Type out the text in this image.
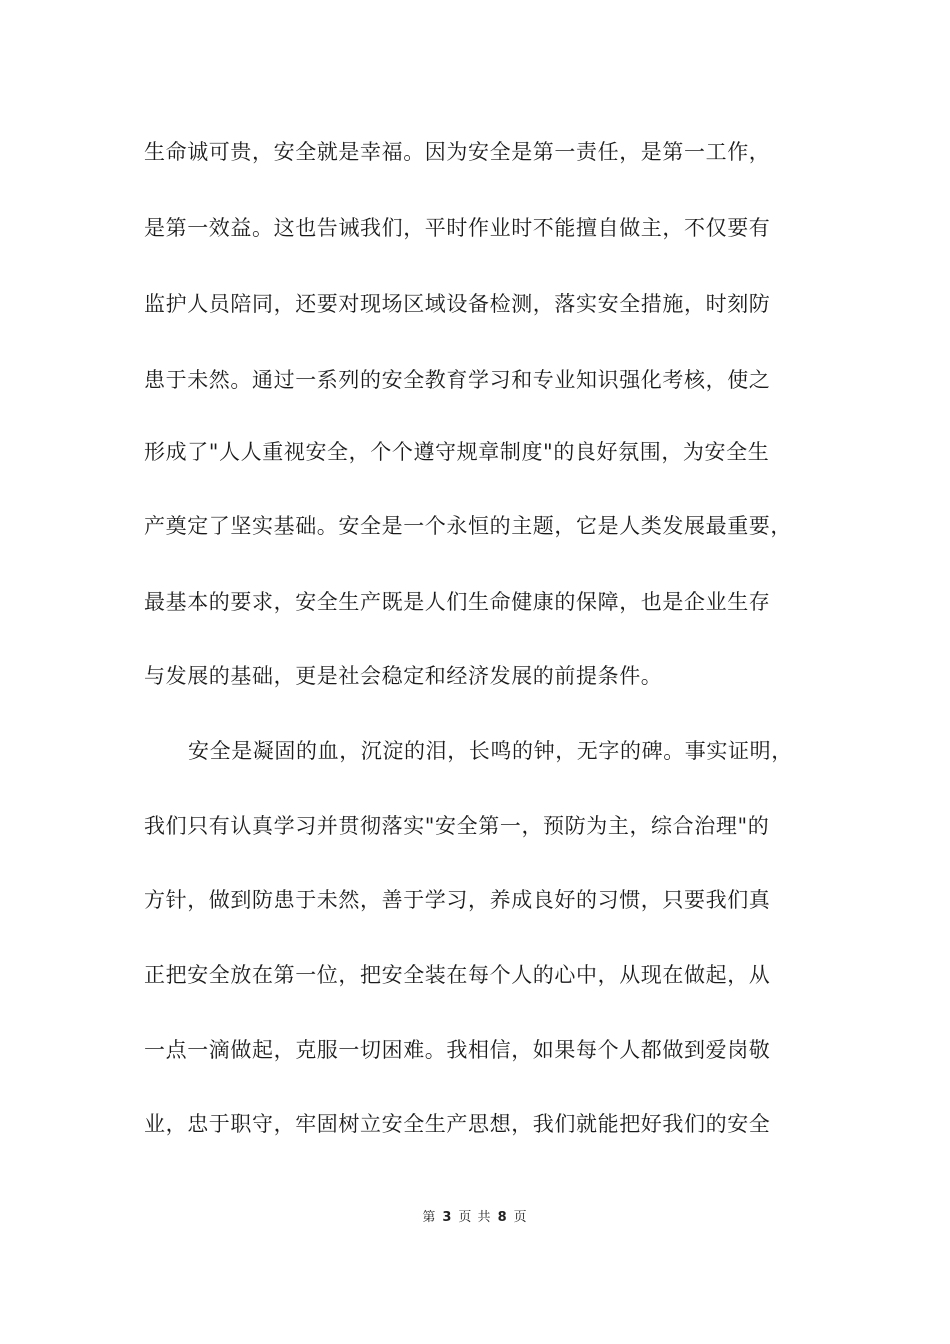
生命诚可贵，安全就是幸福。因为安全是第一责任，是第一工作，
是第一效益。这也告诫我们，平时作业时不能擅自做主，不仅要有
监护人员陪同，还要对现场区域设备检测，落实安全措施，时刻防
患于未然。通过一系列的安全教育学习和专业知识强化考核，使之
形成了"人人重视安全，个个遵守规章制度"的良好氛围，为安全生
产奠定了坚实基础。安全是一个永恒的主题，它是人类发展最重要，
最基本的要求，安全生产既是人们生命健康的保障，也是企业生存
与发展的基础，更是社会稳定和经济发展的前提条件。
安全是凝固的血，沉淀的泪，长鸣的钟，无字的碑。事实证明，
我们只有认真学习并贯彻落实"安全第一，预防为主，综合治理"的
方针，做到防患于未然，善于学习，养成良好的习惯，只要我们真
正把安全放在第一位，把安全装在每个人的心中，从现在做起，从
一点一滴做起，克服一切困难。我相信，如果每个人都做到爱岗敬
业，忠于职守，牢固树立安全生产思想，我们就能把好我们的安全
第 3 页 共 8 页
